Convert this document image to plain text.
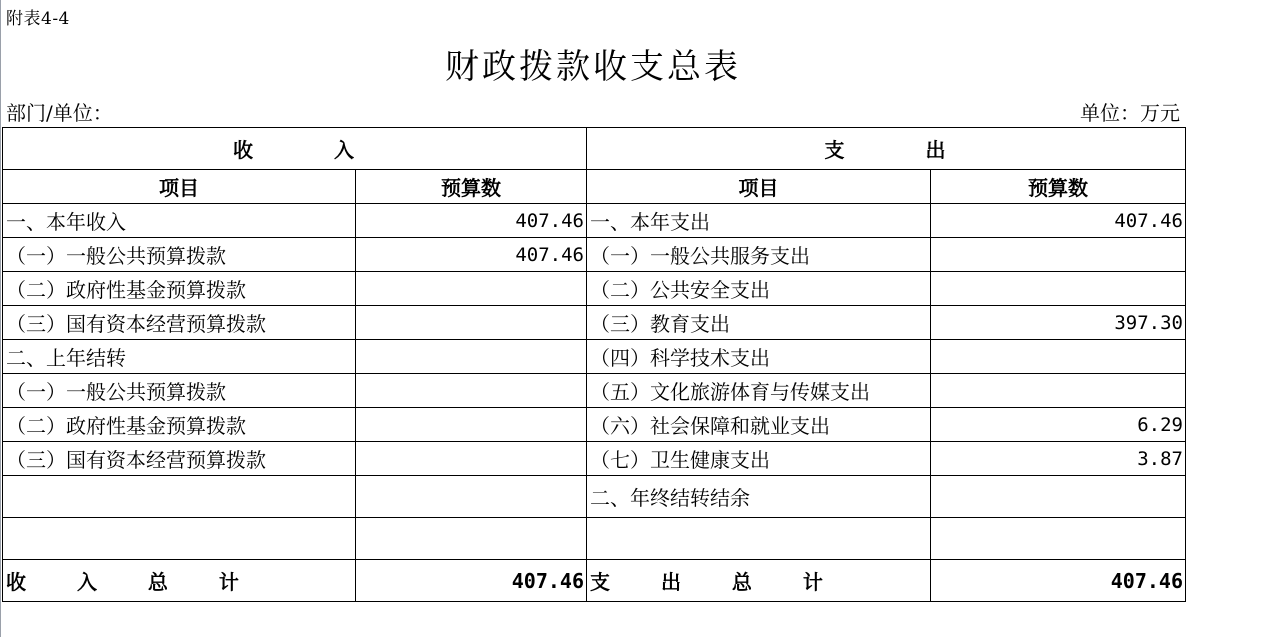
附表4-4
财政拨款收支总表
部门/单位：	单位：万元
收 入		支 出	
项目	预算数	项目	预算数
一、本年收入	407.46	一、本年支出	407.46
（一）一般公共预算拨款	407.46	（一）一般公共服务支出	
（二）政府性基金预算拨款		（二）公共安全支出	
（三）国有资本经营预算拨款		（三）教育支出	397.30
二、上年结转		（四）科学技术支出	
（一）一般公共预算拨款		（五）文化旅游体育与传媒支出	
（二）政府性基金预算拨款		（六）社会保障和就业支出	6.29
（三）国有资本经营预算拨款		（七）卫生健康支出	3.87
		二、年终结转结余	

收 入 总 计	407.46	支 出 总 计	407.46
